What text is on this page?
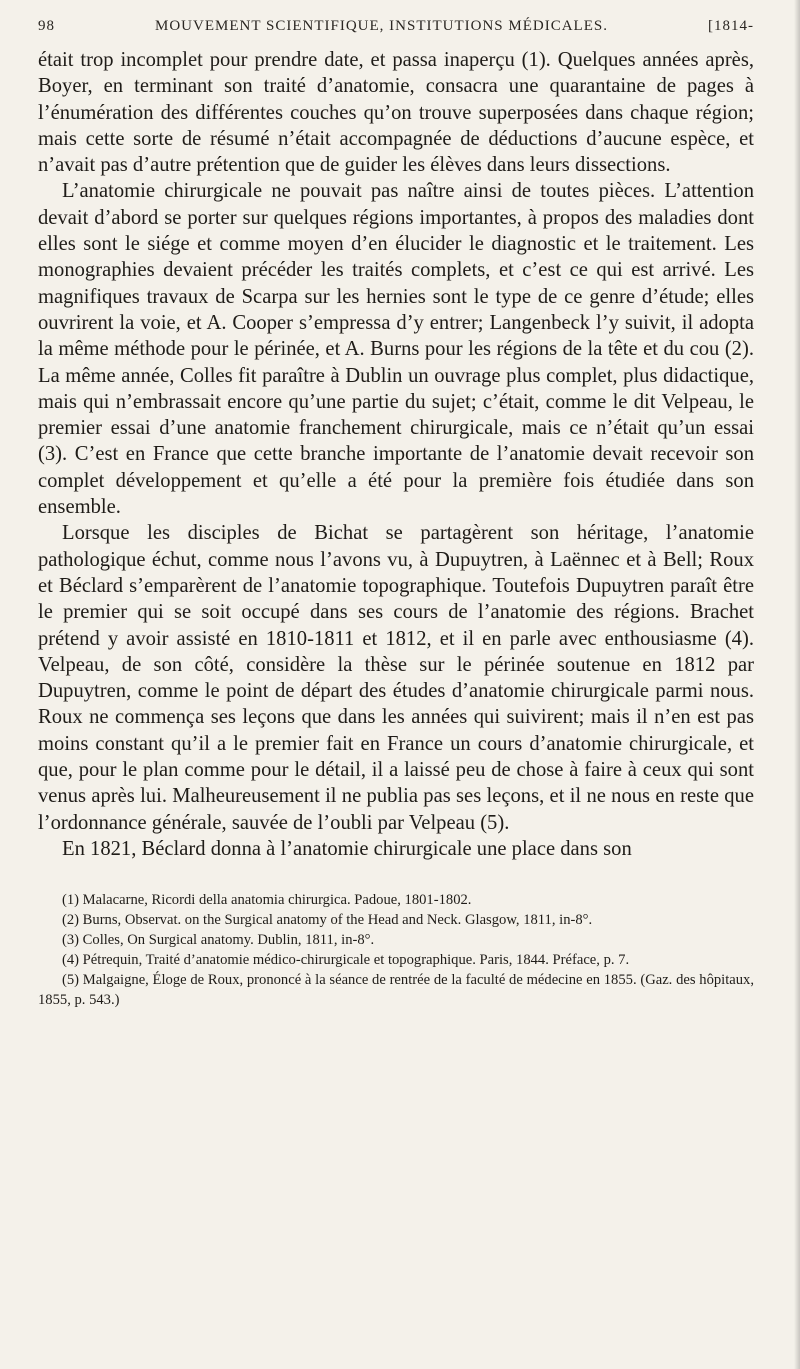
98	MOUVEMENT SCIENTIFIQUE, INSTITUTIONS MÉDICALES.	[1814-

était trop incomplet pour prendre date, et passa inaperçu (1). Quelques années après, Boyer, en terminant son traité d’anatomie, consacra une quarantaine de pages à l’énumération des différentes couches qu’on trouve superposées dans chaque région; mais cette sorte de résumé n’était accompagnée de déductions d’aucune espèce, et n’avait pas d’autre prétention que de guider les élèves dans leurs dissections.

L’anatomie chirurgicale ne pouvait pas naître ainsi de toutes pièces. L’attention devait d’abord se porter sur quelques régions importantes, à propos des maladies dont elles sont le siége et comme moyen d’en élucider le diagnostic et le traitement. Les monographies devaient précéder les traités complets, et c’est ce qui est arrivé. Les magnifiques travaux de Scarpa sur les hernies sont le type de ce genre d’étude; elles ouvrirent la voie, et A. Cooper s’empressa d’y entrer; Langenbeck l’y suivit, il adopta la même méthode pour le périnée, et A. Burns pour les régions de la tête et du cou (2). La même année, Colles fit paraître à Dublin un ouvrage plus complet, plus didactique, mais qui n’embrassait encore qu’une partie du sujet; c’était, comme le dit Velpeau, le premier essai d’une anatomie franchement chirurgicale, mais ce n’était qu’un essai (3). C’est en France que cette branche importante de l’anatomie devait recevoir son complet développement et qu’elle a été pour la première fois étudiée dans son ensemble.

Lorsque les disciples de Bichat se partagèrent son héritage, l’anatomie pathologique échut, comme nous l’avons vu, à Dupuytren, à Laënnec et à Bell; Roux et Béclard s’emparèrent de l’anatomie topographique. Toutefois Dupuytren paraît être le premier qui se soit occupé dans ses cours de l’anatomie des régions. Brachet prétend y avoir assisté en 1810-1811 et 1812, et il en parle avec enthousiasme (4). Velpeau, de son côté, considère la thèse sur le périnée soutenue en 1812 par Dupuytren, comme le point de départ des études d’anatomie chirurgicale parmi nous. Roux ne commença ses leçons que dans les années qui suivirent; mais il n’en est pas moins constant qu’il a le premier fait en France un cours d’anatomie chirurgicale, et que, pour le plan comme pour le détail, il a laissé peu de chose à faire à ceux qui sont venus après lui. Malheureusement il ne publia pas ses leçons, et il ne nous en reste que l’ordonnance générale, sauvée de l’oubli par Velpeau (5).

En 1821, Béclard donna à l’anatomie chirurgicale une place dans son

(1) Malacarne, Ricordi della anatomia chirurgica. Padoue, 1801-1802.

(2) Burns, Observat. on the Surgical anatomy of the Head and Neck. Glasgow, 1811, in-8°.

(3) Colles, On Surgical anatomy. Dublin, 1811, in-8°.

(4) Pétrequin, Traité d’anatomie médico-chirurgicale et topographique. Paris, 1844. Préface, p. 7.

(5) Malgaigne, Éloge de Roux, prononcé à la séance de rentrée de la faculté de médecine en 1855. (Gaz. des hôpitaux, 1855, p. 543.)
